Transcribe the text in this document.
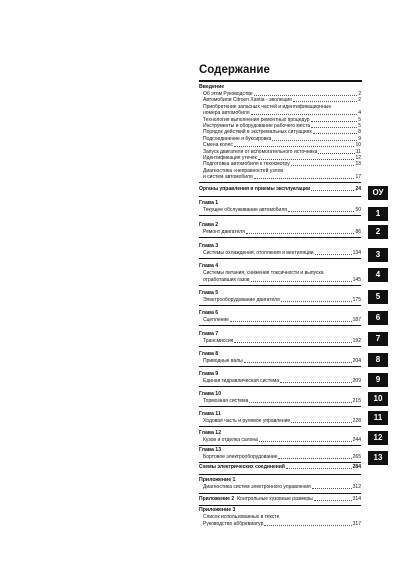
Содержание
Введение
Об этом Руководстве	2
Автомобили Citroen Xantia - эволюция	2
Приобретение запасных частей и идентификационные
номера автомобиля	4
Технология выполнения ремонтных процедур	5
Инструменты и оборудование рабочего места	5
Порядок действий в экстремальных ситуациях	8
Подсоединение и буксировка	9
Смена колес	10
Запуск двигателя от вспомогательного источника	11
Идентификация утечек	12
Подготовка автомобиля к техосмотру	13
Диагностика «неправностей узлов
и систем автомобиля	17
Органы управления и приемы эксплуатации	24
Глава 1
Текущее обслуживание автомобиля	50
Глава 2
Ремонт двигателя	86
Глава 3
Системы охлаждения, отопления и вентиляции	134
Глава 4
Системы питания, снижения токсичности и выпуска
отработавших газов	145
Глава 5
Электрооборудование двигателя	175
Глава 6
Сцепление	187
Глава 7
Трансмиссия	192
Глава 8
Приводные валы	204
Глава 9
Единая гидравлическая система	209
Глава 10
Тормозная система	215
Глава 11
Ходовая часть и рулевое управление	228
Глава 12
Кузов и отделка салона	244
Глава 13
Бортовое электрооборудование	265
Схемы электрических соединений	284
Приложение 1
Диагностика систем электронного управления	312
Приложение 2 Контрольные кузовные размеры	314
Приложение 3
Список использованных в тексте
Руководство аббревиатур	317
ОУ
1
2
3
4
5
6
7
8
9
10
11
12
13
